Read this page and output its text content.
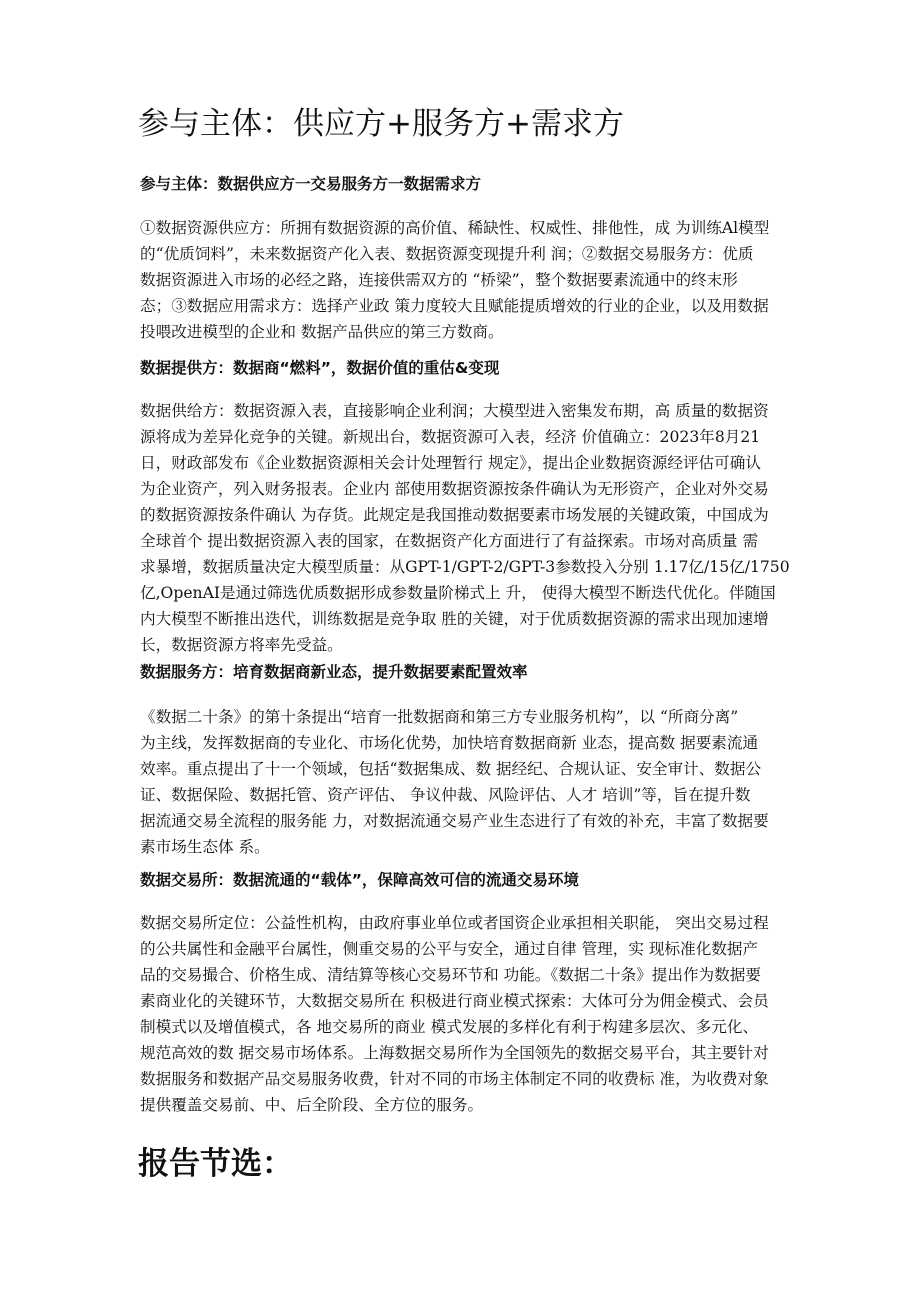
参与主体：供应方+服务方+需求方
参与主体：数据供应方一交易服务方一数据需求方
①数据资源供应方：所拥有数据资源的高价值、稀缺性、权威性、排他性，成 为训练Al模型
的“优质饲料”，未来数据资产化入表、数据资源变现提升利 润；②数据交易服务方：优质
数据资源进入市场的必经之路，连接供需双方的 “桥梁”，整个数据要素流通中的终末形
态；③数据应用需求方：选择产业政 策力度较大且赋能提质增效的行业的企业，以及用数据
投喂改进模型的企业和 数据产品供应的第三方数商。
数据提供方：数据商“燃料”，数据价值的重估&变现
数据供给方：数据资源入表，直接影响企业利润；大模型进入密集发布期，高 质量的数据资
源将成为差异化竞争的关键。新规出台，数据资源可入表，经济 价值确立：2023年8月21
日，财政部发布《企业数据资源相关会计处理暂行 规定》，提出企业数据资源经评估可确认
为企业资产，列入财务报表。企业内 部使用数据资源按条件确认为无形资产，企业对外交易
的数据资源按条件确认 为存货。此规定是我国推动数据要素市场发展的关键政策，中国成为
全球首个 提出数据资源入表的国家，在数据资产化方面进行了有益探索。市场对高质量 需
求暴增，数据质量决定大模型质量：从GPT-1/GPT-2/GPT-3参数投入分别 1.17亿/15亿/1750
亿,OpenAI是通过筛选优质数据形成参数量阶梯式上 升， 使得大模型不断迭代优化。伴随国
内大模型不断推出迭代，训练数据是竞争取 胜的关键，对于优质数据资源的需求出现加速增
长，数据资源方将率先受益。
数据服务方：培育数据商新业态，提升数据要素配置效率
《数据二十条》的第十条提出“培育一批数据商和第三方专业服务机构”，以 “所商分离”
为主线，发挥数据商的专业化、市场化优势，加快培育数据商新 业态，提高数 据要素流通
效率。重点提出了十一个领域，包括“数据集成、数 据经纪、合规认证、安全审计、数据公
证、数据保险、数据托管、资产评估、 争议仲裁、风险评估、人才 培训”等，旨在提升数
据流通交易全流程的服务能 力，对数据流通交易产业生态进行了有效的补充，丰富了数据要
素市场生态体 系。
数据交易所：数据流通的“载体”，保障高效可信的流通交易环境
数据交易所定位：公益性机构，由政府事业单位或者国资企业承担相关职能， 突出交易过程
的公共属性和金融平台属性，侧重交易的公平与安全，通过自律 管理，实 现标准化数据产
品的交易撮合、价格生成、清结算等核心交易环节和 功能。《数据二十条》提出作为数据要
素商业化的关键环节，大数据交易所在 积极进行商业模式探索：大体可分为佣金模式、会员
制模式以及增值模式，各 地交易所的商业 模式发展的多样化有利于构建多层次、多元化、
规范高效的数 据交易市场体系。上海数据交易所作为全国领先的数据交易平台，其主要针对
数据服务和数据产品交易服务收费，针对不同的市场主体制定不同的收费标 准，为收费对象
提供覆盖交易前、中、后全阶段、全方位的服务。
报告节选：
